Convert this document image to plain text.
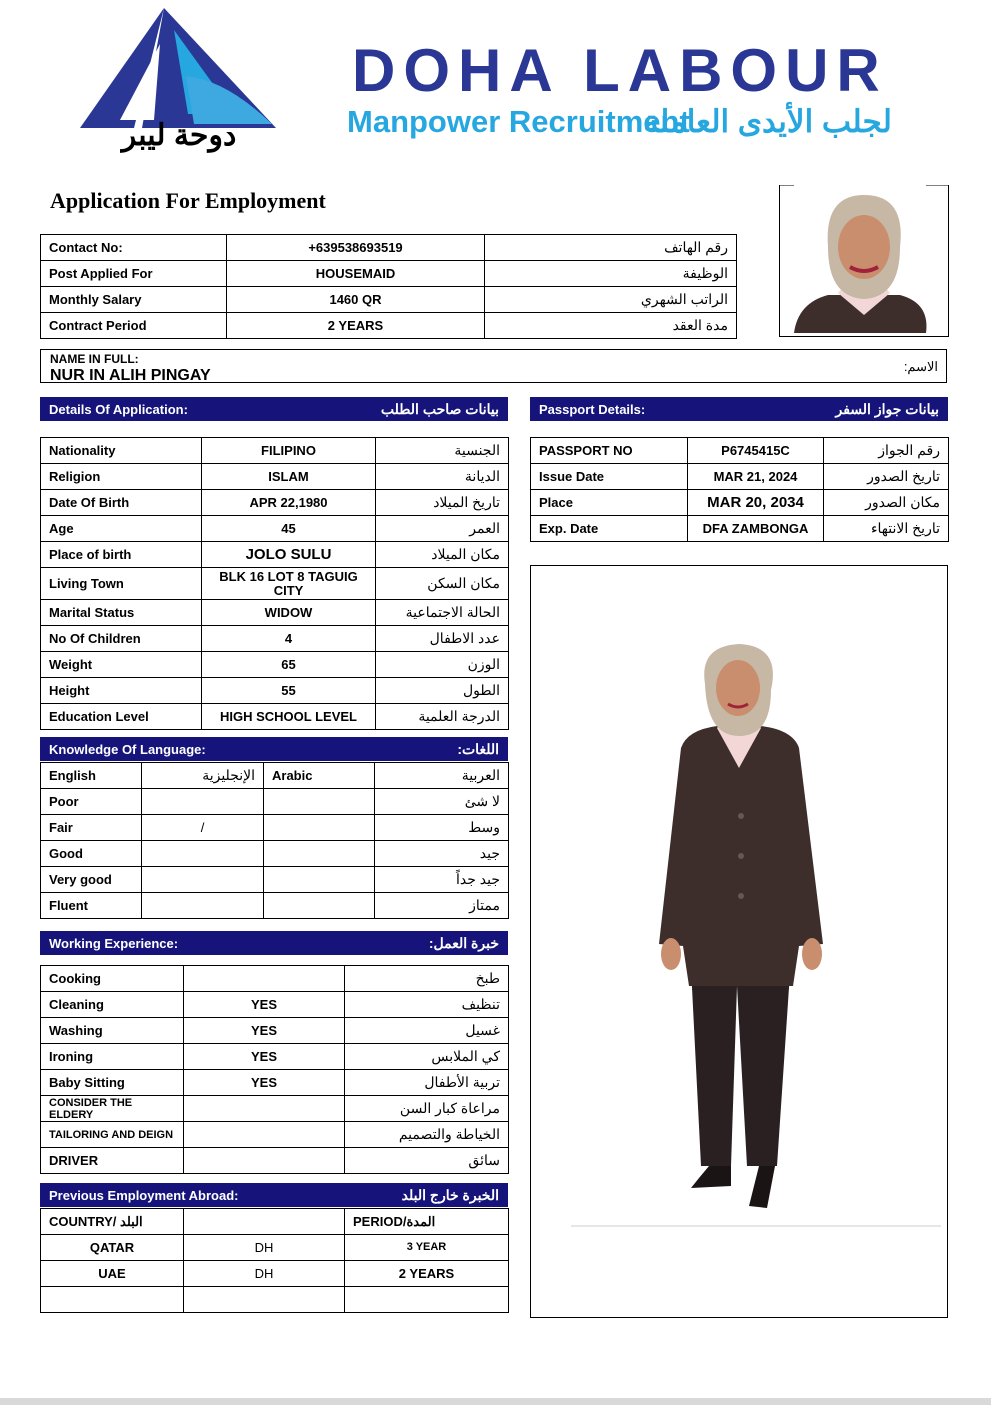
دوحة ليبر
DOHA LABOUR
Manpower Recruitment
لجلب الأيدى العاملة
Application For Employment
Contact No:	+639538693519	رقم الهاتف
Post Applied For	HOUSEMAID	الوظيفة
Monthly Salary	1460 QR	الراتب الشهري
Contract Period	2 YEARS	مدة العقد
NAME IN FULL:
NUR IN ALIH PINGAY
الاسم:
Details Of Application:	بيانات صاحب الطلب
Nationality	FILIPINO	الجنسية
Religion	ISLAM	الديانة
Date Of Birth	APR 22,1980	تاريخ الميلاد
Age	45	العمر
Place of birth	JOLO SULU	مكان الميلاد
Living Town	BLK 16 LOT 8 TAGUIG CITY	مكان السكن
Marital Status	WIDOW	الحالة الاجتماعية
No Of Children	4	عدد الاطفال
Weight	65	الوزن
Height	55	الطول
Education Level	HIGH SCHOOL LEVEL	الدرجة العلمية
Passport Details:	بيانات جواز السفر
PASSPORT NO	P6745415C	رقم الجواز
Issue Date	MAR 21, 2024	تاريخ الصدور
Place	MAR 20, 2034	مكان الصدور
Exp. Date	DFA ZAMBONGA	تاريخ الانتهاء
Knowledge Of Language:	اللغات:
English	الإنجليزية	Arabic	العربية
Poor			لا شئ
Fair	/		وسط
Good			جيد
Very good			جيد جداً
Fluent			ممتاز
Working Experience:	خبرة العمل:
Cooking		طبخ
Cleaning	YES	تنظيف
Washing	YES	غسيل
Ironing	YES	كي الملابس
Baby Sitting	YES	تربية الأطفال
CONSIDER THE ELDERY		مراعاة كبار السن
TAILORING AND DEIGN		الخياطة والتصميم
DRIVER		سائق
Previous Employment Abroad:	الخبرة خارج البلد
COUNTRY/ البلد		PERIOD/المدة
QATAR	DH	3 YEAR
UAE	DH	2 YEARS
